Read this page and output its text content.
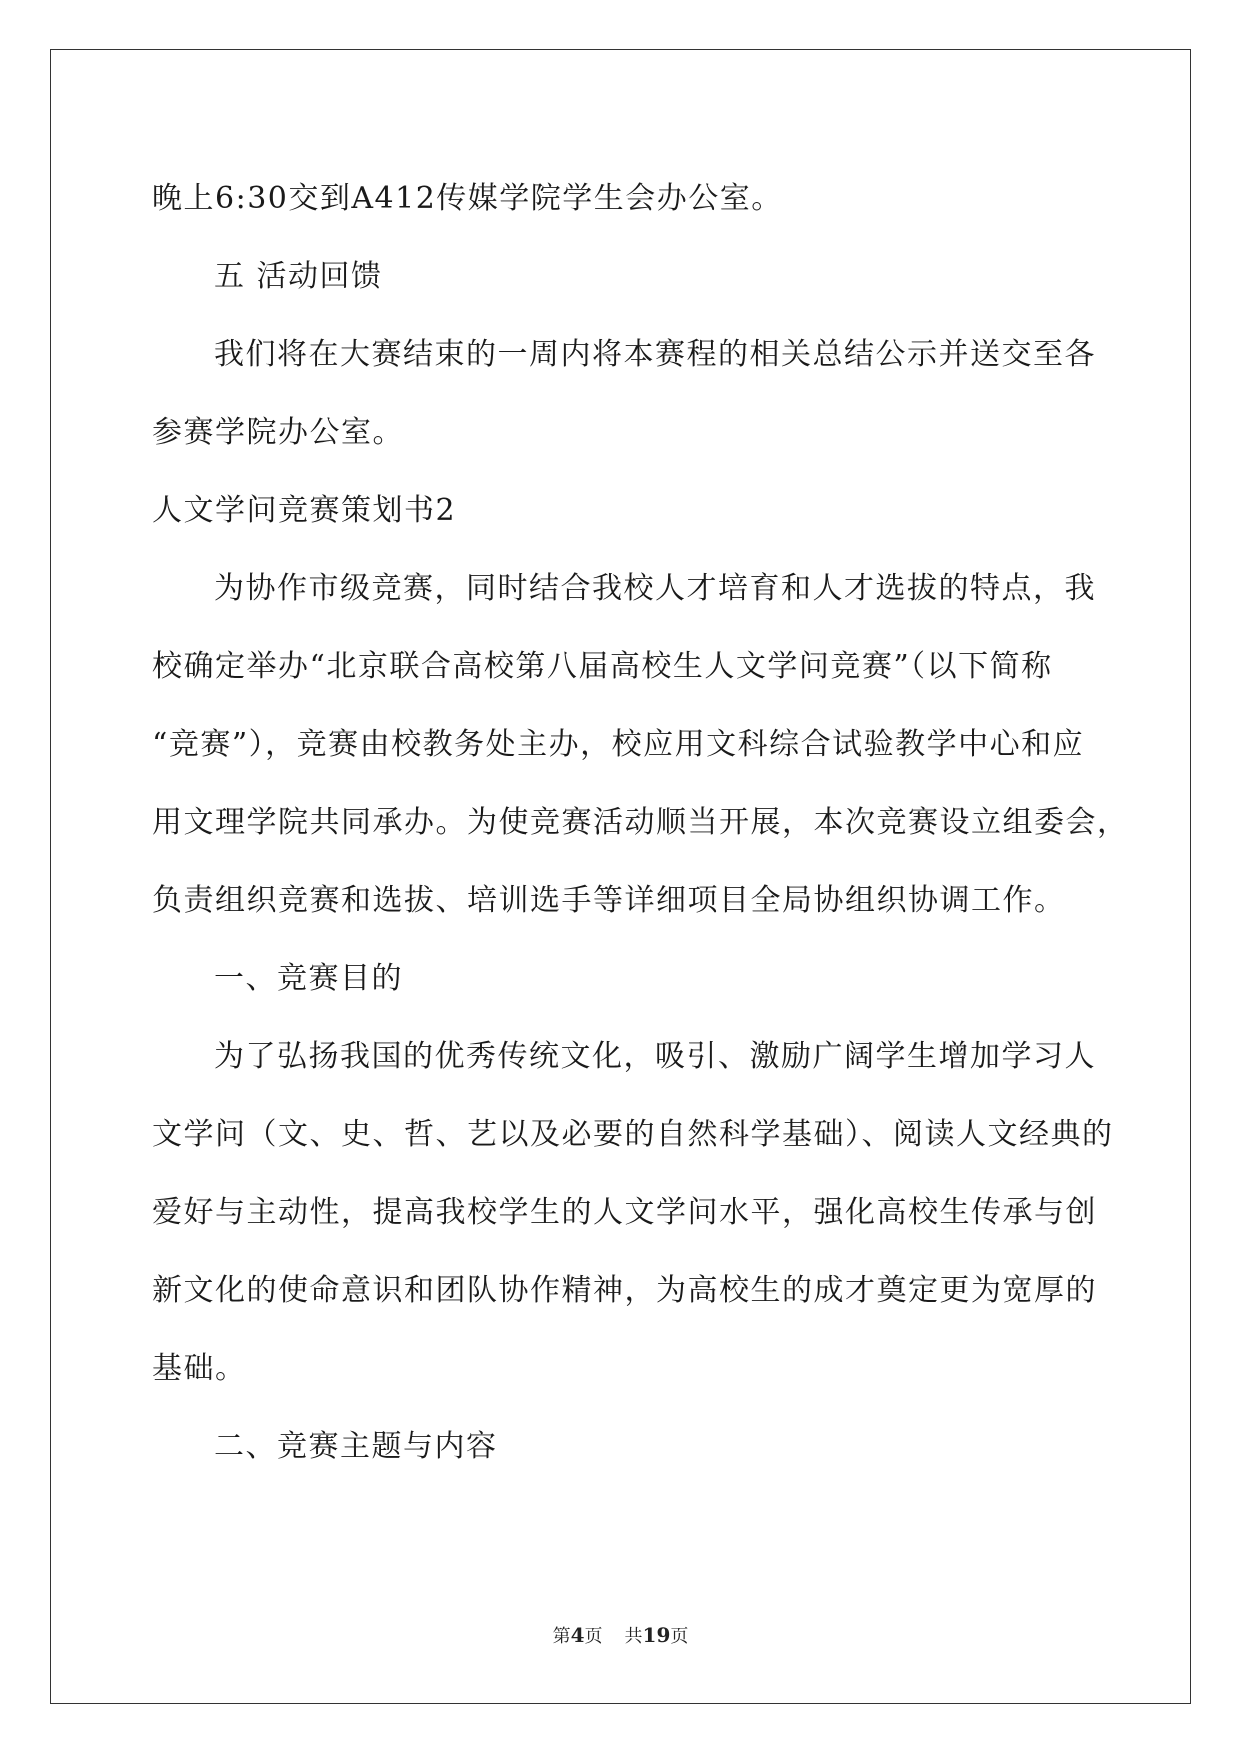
晚上6:30交到A412传媒学院学生会办公室。
五 活动回馈
我们将在大赛结束的一周内将本赛程的相关总结公示并送交至各
参赛学院办公室。
人文学问竞赛策划书2
为协作市级竞赛，同时结合我校人才培育和人才选拔的特点，我
校确定举办“北京联合高校第八届高校生人文学问竞赛”（以下简称
“竞赛”），竞赛由校教务处主办，校应用文科综合试验教学中心和应
用文理学院共同承办。为使竞赛活动顺当开展，本次竞赛设立组委会，
负责组织竞赛和选拔、培训选手等详细项目全局协组织协调工作。
一、竞赛目的
为了弘扬我国的优秀传统文化，吸引、激励广阔学生增加学习人
文学问（文、史、哲、艺以及必要的自然科学基础）、阅读人文经典的
爱好与主动性，提高我校学生的人文学问水平，强化高校生传承与创
新文化的使命意识和团队协作精神，为高校生的成才奠定更为宽厚的
基础。
二、竞赛主题与内容
第4页 共19页
